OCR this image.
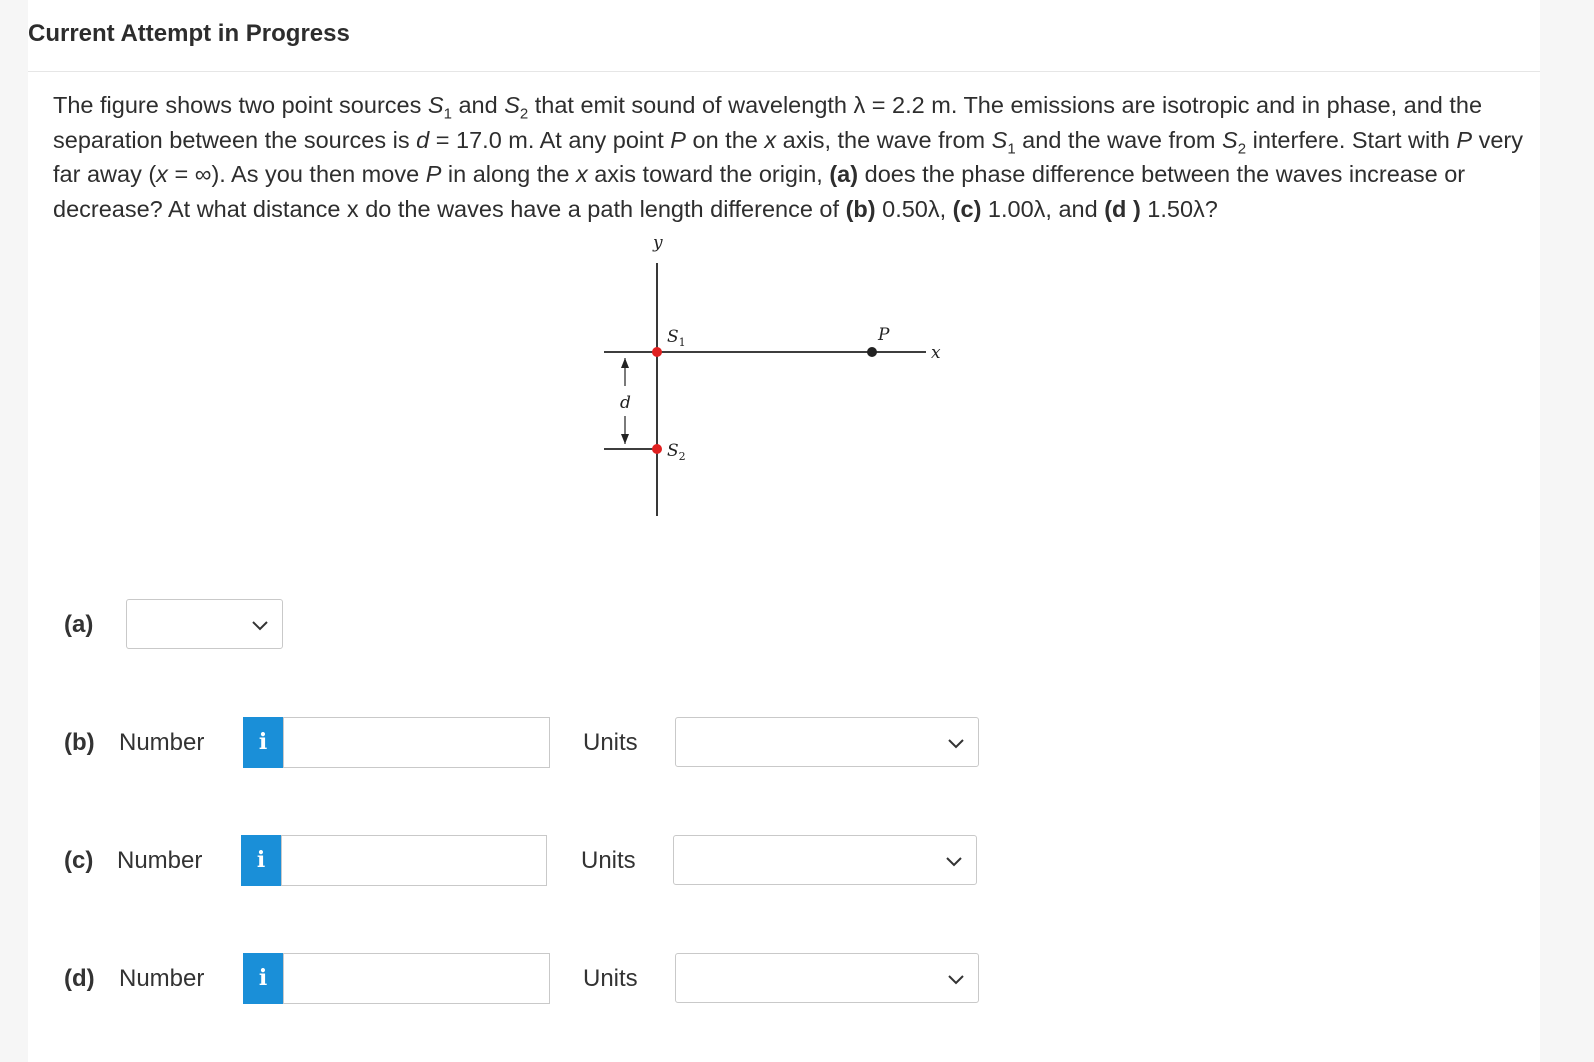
Current Attempt in Progress
The figure shows two point sources $S_1$ and $S_2$ that emit sound of wavelength λ = 2.2 m. The emissions are isotropic and in phase, and the separation between the sources is d = 17.0 m. At any point P on the x axis, the wave from $S_1$ and the wave from $S_2$ interfere. Start with P very far away (x = ∞). As you then move P in along the x axis toward the origin, (a) does the phase difference between the waves increase or decrease? At what distance x do the waves have a path length difference of (b) 0.50λ, (c) 1.00λ, and (d ) 1.50λ?
y
x
d
$S_1$
$S_2$
P
(a)
(b) Number	i	Units
(c) Number	i	Units
(d) Number	i	Units
